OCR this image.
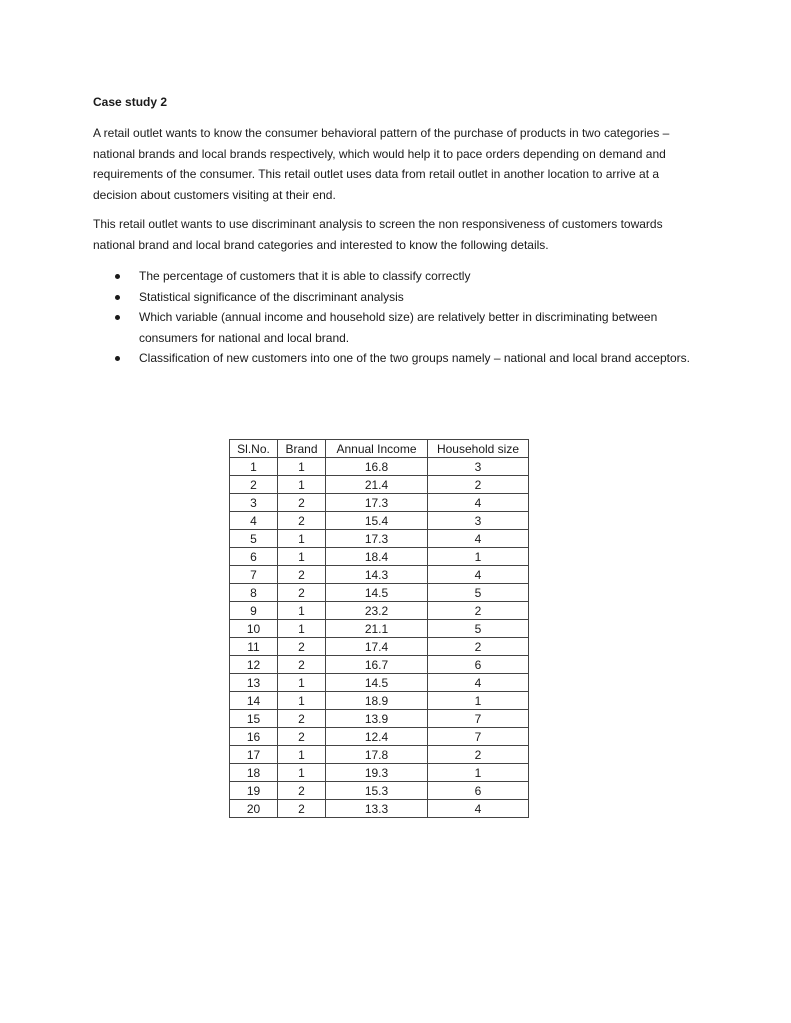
Case study 2

A retail outlet wants to know the consumer behavioral pattern of the purchase of products in two categories – national brands and local brands respectively, which would help it to pace orders depending on demand and requirements of the consumer. This retail outlet uses data from retail outlet in another location to arrive at a decision about customers visiting at their end.

This retail outlet wants to use discriminant analysis to screen the non responsiveness of customers towards national brand and local brand categories and interested to know the following details.

The percentage of customers that it is able to classify correctly
Statistical significance of the discriminant analysis
Which variable (annual income and household size) are relatively better in discriminating between consumers for national and local brand.
Classification of new customers into one of the two groups namely – national and local brand acceptors.
Sl.No.	Brand	Annual Income	Household size
1	1	16.8	3
2	1	21.4	2
3	2	17.3	4
4	2	15.4	3
5	1	17.3	4
6	1	18.4	1
7	2	14.3	4
8	2	14.5	5
9	1	23.2	2
10	1	21.1	5
11	2	17.4	2
12	2	16.7	6
13	1	14.5	4
14	1	18.9	1
15	2	13.9	7
16	2	12.4	7
17	1	17.8	2
18	1	19.3	1
19	2	15.3	6
20	2	13.3	4
